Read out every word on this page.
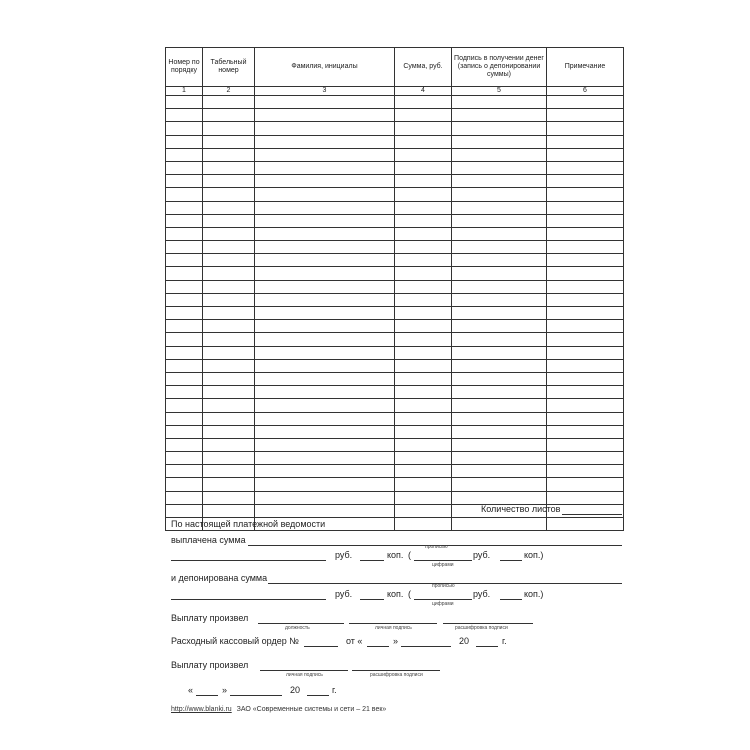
Номер по порядку	Табельный номер	Фамилия, инициалы	Сумма, руб.	Подпись в получении денег (запись о депонировании суммы)	Примечание
1	2	3	4	5	6

Количество листов
По настоящей платежной ведомости
выплачена сумма
руб.	коп. (
прописью
цифрами
руб.	коп.)
и депонирована сумма
руб.	коп. (
прописью
цифрами
руб.	коп.)
Выплату произвел
должность	личная подпись	расшифровка подписи
Расходный кассовый ордер №	от «	»	20	г.
Выплату произвел
личная подпись	расшифровка подписи
«	»	20	г.
http://www.blanki.ru ЗАО «Современные системы и сети – 21 век»
